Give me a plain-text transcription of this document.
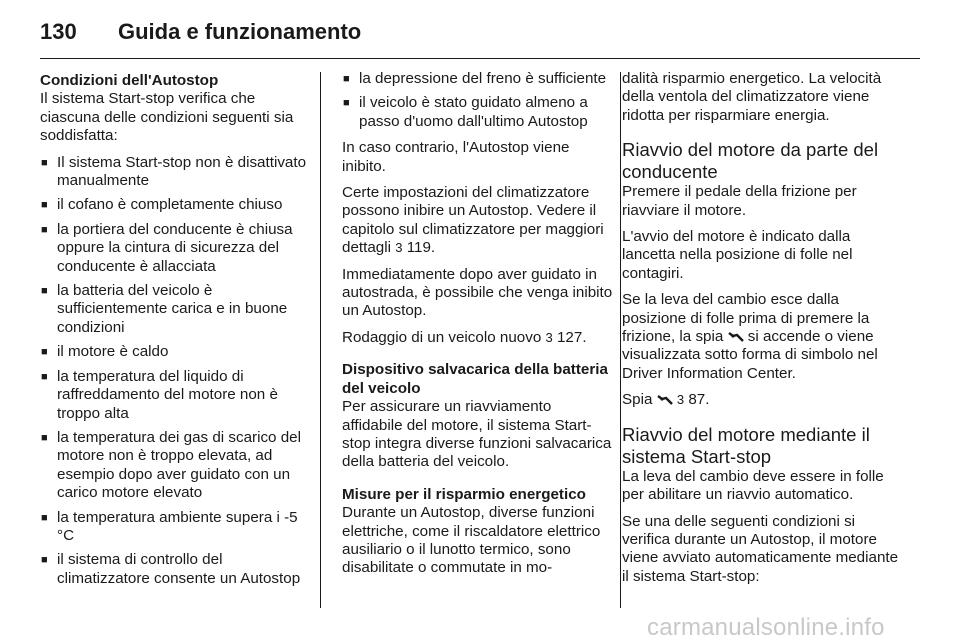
130	Guida e funzionamento
Condizioni dell'Autostop

Il sistema Start-stop verifica che ciascuna delle condizioni seguenti sia soddisfatta:

■ Il sistema Start-stop non è disattivato manualmente
■ il cofano è completamente chiuso
■ la portiera del conducente è chiusa oppure la cintura di sicurezza del conducente è allacciata
■ la batteria del veicolo è sufficientemente carica e in buone condizioni
■ il motore è caldo
■ la temperatura del liquido di raffreddamento del motore non è troppo alta
■ la temperatura dei gas di scarico del motore non è troppo elevata, ad esempio dopo aver guidato con un carico motore elevato
■ la temperatura ambiente supera i -5 °C
■ il sistema di controllo del climatizzatore consente un Autostop
■ la depressione del freno è sufficiente
■ il veicolo è stato guidato almeno a passo d'uomo dall'ultimo Autostop

In caso contrario, l'Autostop viene inibito.

Certe impostazioni del climatizzatore possono inibire un Autostop. Vedere il capitolo sul climatizzatore per maggiori dettagli 3 119.

Immediatamente dopo aver guidato in autostrada, è possibile che venga inibito un Autostop.

Rodaggio di un veicolo nuovo 3 127.

Dispositivo salvacarica della batteria del veicolo

Per assicurare un riavviamento affidabile del motore, il sistema Start-stop integra diverse funzioni salvacarica della batteria del veicolo.

Misure per il risparmio energetico

Durante un Autostop, diverse funzioni elettriche, come il riscaldatore elettrico ausiliario o il lunotto termico, sono disabilitate o commutate in mo-

dalità risparmio energetico. La velocità della ventola del climatizzatore viene ridotta per risparmiare energia.

Riavvio del motore da parte del conducente

Premere il pedale della frizione per riavviare il motore.

L'avvio del motore è indicato dalla lancetta nella posizione di folle nel contagiri.

Se la leva del cambio esce dalla posizione di folle prima di premere la frizione, la spia si accende o viene visualizzata sotto forma di simbolo nel Driver Information Center.

Spia 3 87.

Riavvio del motore mediante il sistema Start-stop

La leva del cambio deve essere in folle per abilitare un riavvio automatico.

Se una delle seguenti condizioni si verifica durante un Autostop, il motore viene avviato automaticamente mediante il sistema Start-stop:

carmanualsonline.info
